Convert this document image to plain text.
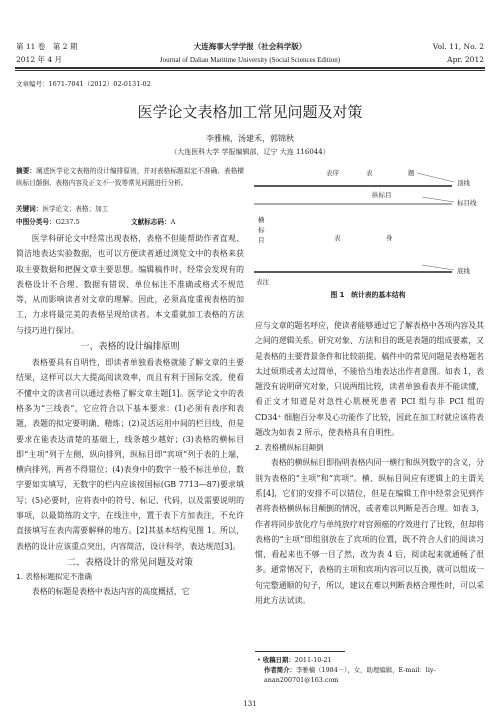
第 11 卷　第 2 期
2012 年 4 月
大连海事大学学报（社会科学版）
Journal of Dalian Maritime University (Social Sciences Edition)
Vol. 11, No. 2
Apr. 2012
文章编号：1671-7041（2012）02-0131-02
医学论文表格加工常见问题及对策
李雅楠，汤建禾，郭锦秋
（大连医科大学 学报编辑部，辽宁 大连 116044）
摘要：阐述医学论文表格的设计编排原则，并对表格标题拟定不准确、表格横纵标目颠倒、表格内容及正文不一致等常见问题进行分析。
关键词：医学论文；表格；加工
中图分类号：G237.5	文献标志码：A

医学科研论文中经常出现表格，表格不但能帮助作者直观、简洁地表达实验数据，也可以方便读者通过浏览文中的表格来获取主要数据和把握文章主要思想。编辑稿件时，经常会发现有的表格设计不合理、数据有错误、单位标注不准确或格式不规范等，从而影响读者对文章的理解。因此，必须高度重视表格的加工，力求将最完美的表格呈现给读者。本文重就加工表格的方法与技巧进行探讨。

一、表格的设计编排原则

表格要具有自明性，即读者单独看表格就能了解文章的主要结果，这样可以大大提高阅读效率，而且有利于国际交流，使看不懂中文的读者可以通过表格了解文章主题[1]。医学论文中的表格多为“三线表”，它应符合以下基本要求：(1)必须有表序和表题，表题的拟定要明确、精炼；(2)灵活运用中间的栏目线，但是要求在能表达清楚的基础上，线条越少越好；(3)表格的横标目即“主项”列于左侧，纵向排列，纵标目即“宾项”列于表的上端，横向排列，两者不得错位；(4)表身中的数字一般不标注单位，数字要如实填写，无数字的栏内应该按国标(GB 7713—87)要求填写；(5)必要时，应将表中的符号、标记、代码，以及需要说明的事项，以最简练的文字，在线注中，置于表下方加表注，不允许直接填写在表内需要解释的地方。[2]其基本结构见图 1。所以，表格的设计应该重点突出，内容简洁，设计科学，表达规范[3]。

二、表格设计的常见问题及对策
1. 表格标题拟定不准确

表格的标题是表格中表达内容的高度概括，它

表序	表	题
顶线
纵标目
标目线
横标目	表	身
底线
表注
图 1　统计表的基本结构

应与文章的题名呼应，使读者能够通过它了解表格中各项内容及其之间的逻辑关系。研究对象、方法和目的既是表题的组成要素，又是表格的主要背景条件和比较前提。稿件中的常见问题是表格题名太过烦琐或者太过简单，不能恰当地表达出作者意图。如表 1，表题没有说明研究对象，只说两组比较，读者单独看表并不能读懂，看正文才知道是对急性心肌梗死患者 PCI 组与非 PCI 组的 CD34⁺ 细胞百分率及心功能作了比较，因此在加工时就应该将表题改为如表 2 所示，使表格具有自明性。

2. 表格横纵标目颠倒

表格的横纵标目即指明表格内同一横行和纵列数字的含义，分别为表格的“主项”和“宾项”。横、纵标目间应有逻辑上的主谓关系[4]，它们的安排不可以错位，但是在编辑工作中经常会见到作者将表格横纵标目颠倒的情况，或者难以判断是否合理。如表 3，作者将同步放化疗与单纯放疗对宫颈癌的疗效进行了比较，但却将表格的“主项”即组别放在了宾项的位置，既不符合人们的阅读习惯，看起来也不够一目了然，改为表 4 后，阅读起来就通畅了很多。通常情况下，表格的主项和宾项内容可以互换，就可以组成一句完整通顺的句子，所以，建议在难以判断表格合理性时，可以采用此方法试读。

• 收稿日期：2011-10-21
作者简介：李雅楠（1984－），女，助理编辑，E-mail：liy-anan200701@163.com
131
